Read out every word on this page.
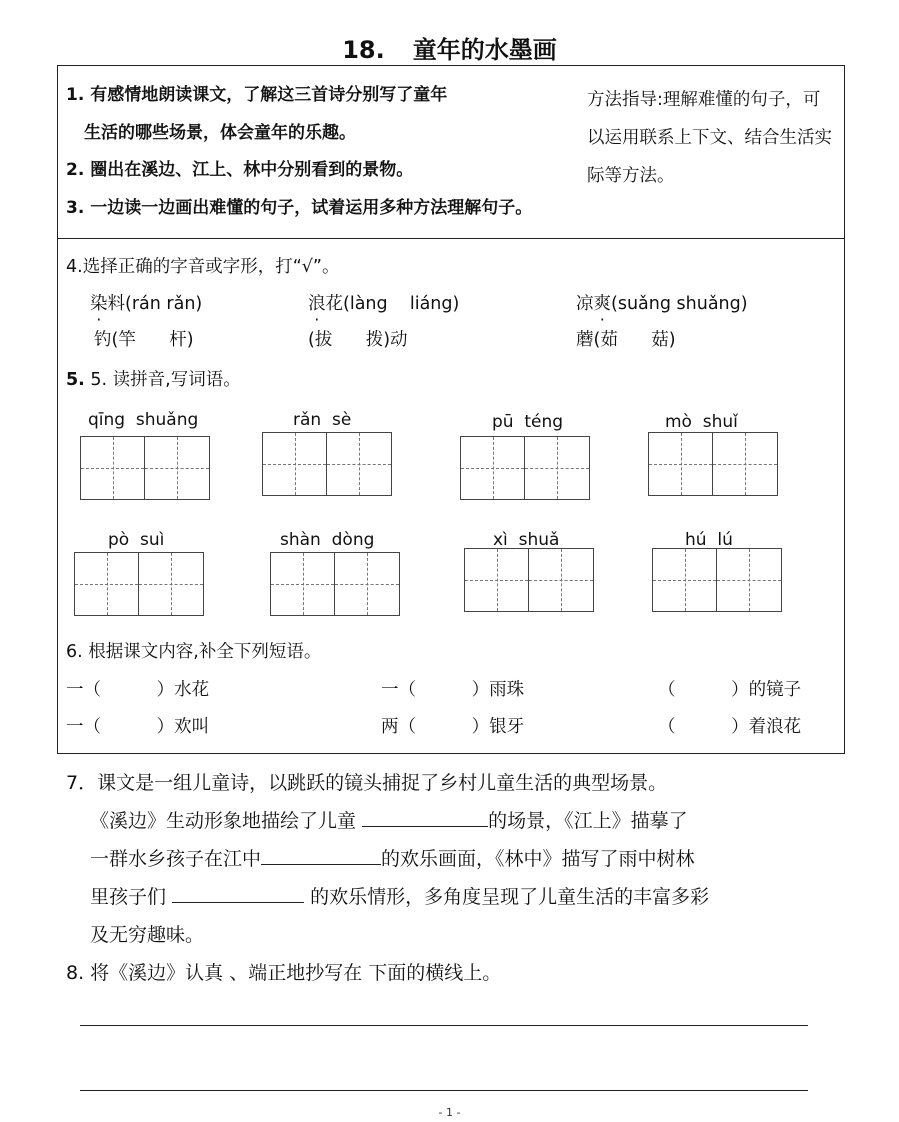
18. 童年的水墨画
1. 有感情地朗读课文，了解这三首诗分别写了童年
生活的哪些场景，体会童年的乐趣。
2. 圈出在溪边、江上、林中分别看到的景物。
3. 一边读一边画出难懂的句子，试着运用多种方法理解句子。
方法指导:理解难懂的句子，可以运用联系上下文、结合生活实际等方法。
4.选择正确的字音或字形，打“√”。
染料(rán rǎn)	浪花(làng    liáng)	凉爽(suǎng shuǎng)
钓(竿      杆)	(拔      拨)动	蘑(茹      菇)
5. 5. 读拼音,写词语。
qīng  shuǎng	rǎn  sè	pū  téng	mò  shuǐ
pò  suì	shàn  dòng	xì  shuǎ	hú  lú
6. 根据课文内容,补全下列短语。
一（          ）水花	一（          ）雨珠	（          ）的镜子
一（          ）欢叫	两（          ）银牙	（          ）着浪花
7．课文是一组儿童诗，以跳跃的镜头捕捉了乡村儿童生活的典型场景。
《溪边》生动形象地描绘了儿童	的场景，《江上》描摹了
一群水乡孩子在江中	的欢乐画面，《林中》描写了雨中树林
里孩子们	的欢乐情形，多角度呈现了儿童生活的丰富多彩
及无穷趣味。
8. 将《溪边》认真 、端正地抄写在 下面的横线上。
- 1 -
